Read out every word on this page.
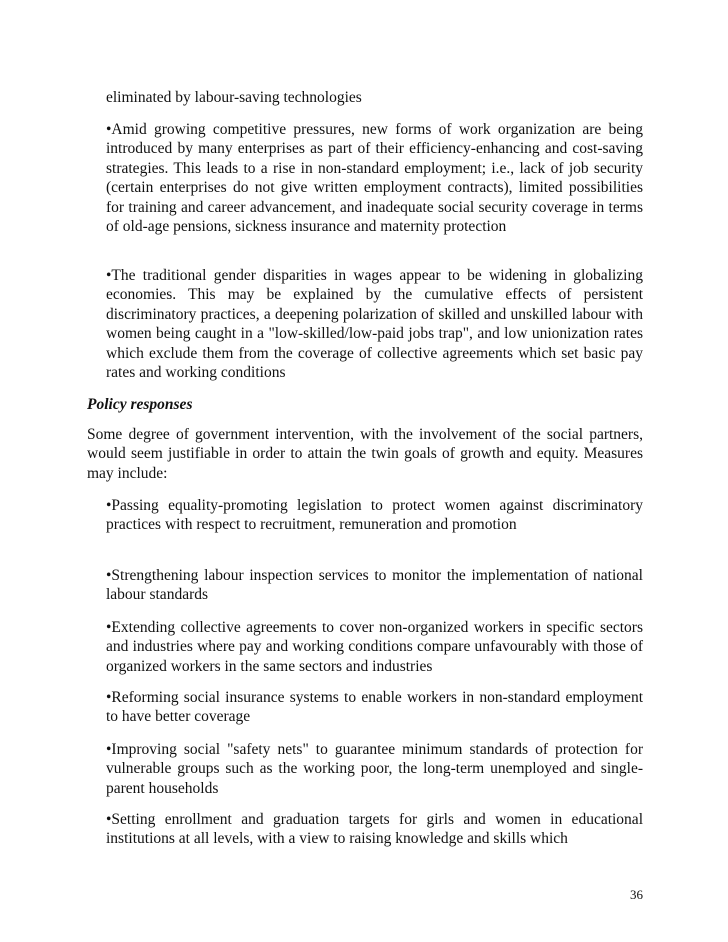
eliminated by labour-saving technologies
•Amid growing competitive pressures, new forms of work organization are being introduced by many enterprises as part of their efficiency-enhancing and cost-saving strategies. This leads to a rise in non-standard employment; i.e., lack of job security (certain enterprises do not give written employment contracts), limited possibilities for training and career advancement, and inadequate social security coverage in terms of old-age pensions, sickness insurance and maternity protection
•The traditional gender disparities in wages appear to be widening in globalizing economies. This may be explained by the cumulative effects of persistent discriminatory practices, a deepening polarization of skilled and unskilled labour with women being caught in a "low-skilled/low-paid jobs trap", and low unionization rates which exclude them from the coverage of collective agreements which set basic pay rates and working conditions
Policy responses
Some degree of government intervention, with the involvement of the social partners, would seem justifiable in order to attain the twin goals of growth and equity. Measures may include:
•Passing equality-promoting legislation to protect women against discriminatory practices with respect to recruitment, remuneration and promotion
•Strengthening labour inspection services to monitor the implementation of national labour standards
•Extending collective agreements to cover non-organized workers in specific sectors and industries where pay and working conditions compare unfavourably with those of organized workers in the same sectors and industries
•Reforming social insurance systems to enable workers in non-standard employment to have better coverage
•Improving social "safety nets" to guarantee minimum standards of protection for vulnerable groups such as the working poor, the long-term unemployed and single-parent households
•Setting enrollment and graduation targets for girls and women in educational institutions at all levels, with a view to raising knowledge and skills which
36
